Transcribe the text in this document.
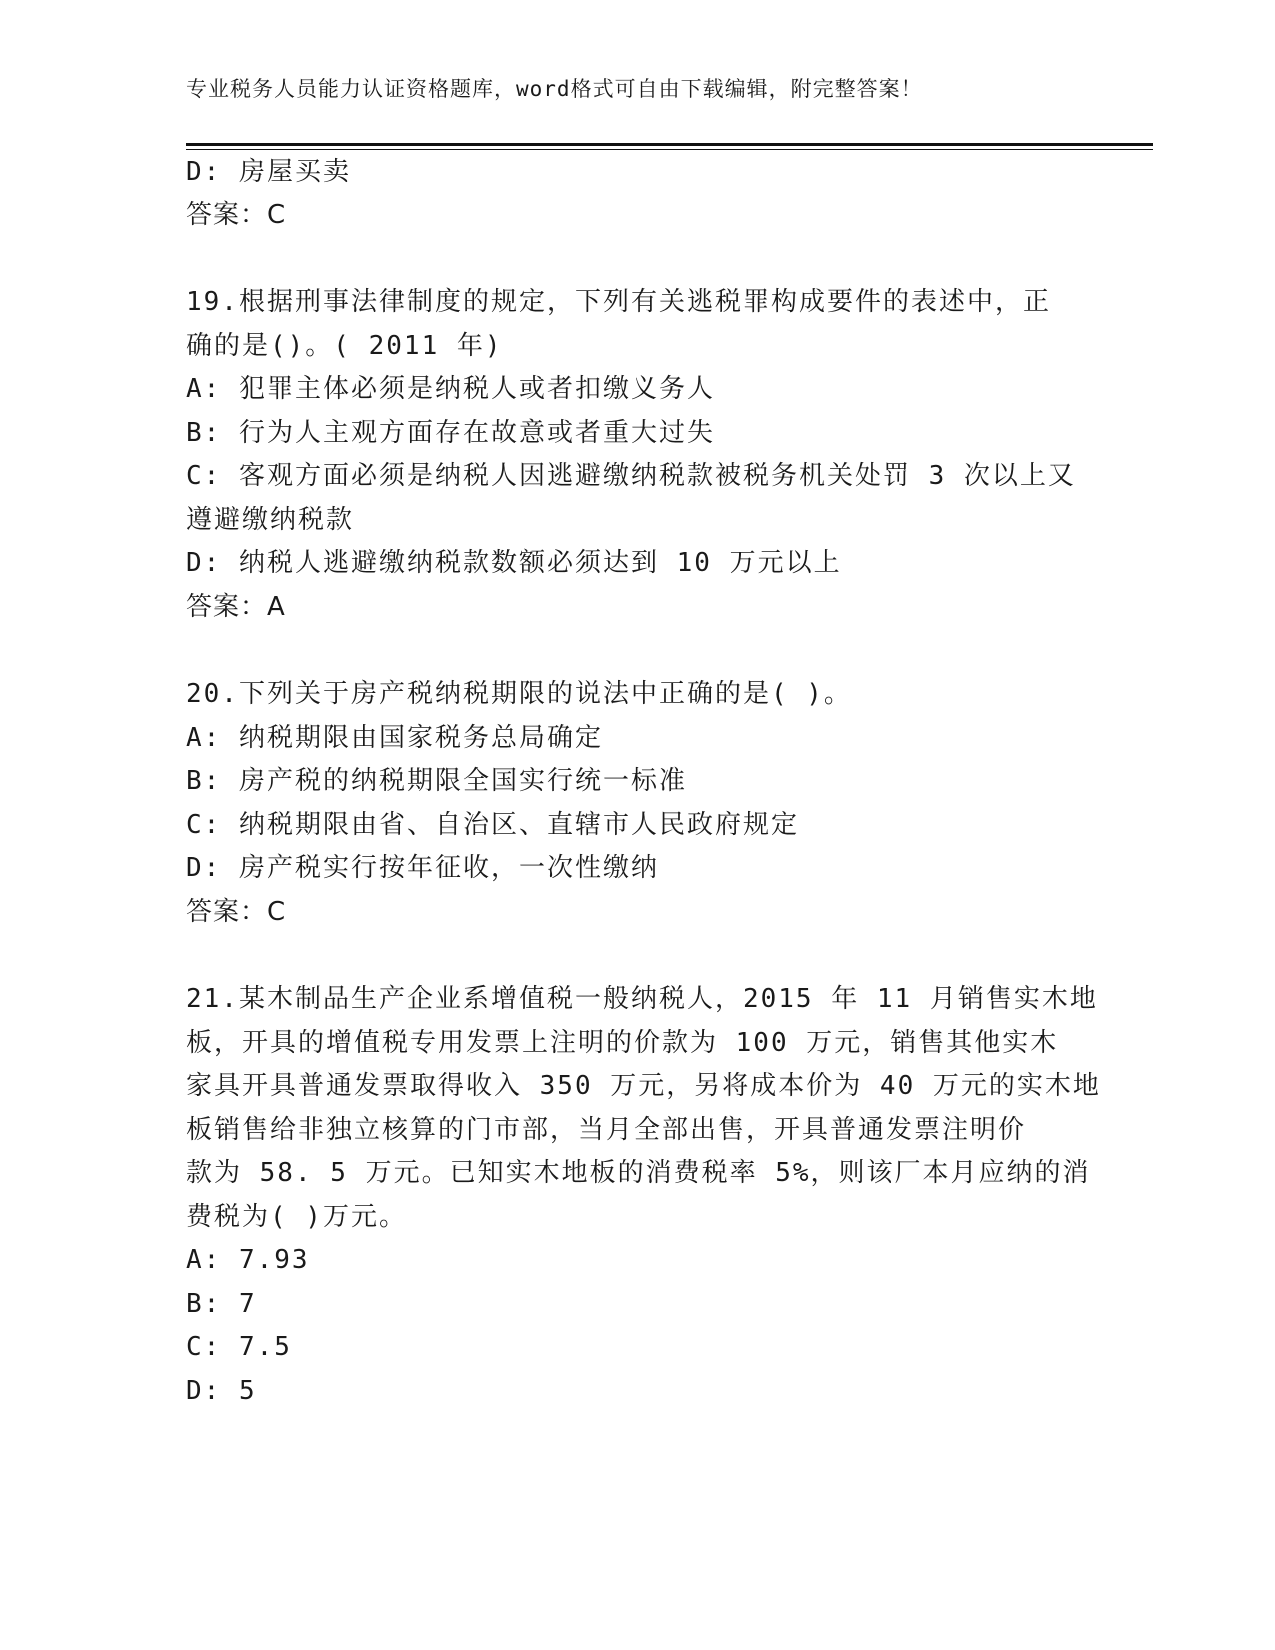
专业税务人员能力认证资格题库，word格式可自由下载编辑，附完整答案！
D: 房屋买卖
答案：C
19.根据刑事法律制度的规定，下列有关逃税罪构成要件的表述中，正
确的是()。( 2011 年)
A: 犯罪主体必须是纳税人或者扣缴义务人
B: 行为人主观方面存在故意或者重大过失
C: 客观方面必须是纳税人因逃避缴纳税款被税务机关处罚 3 次以上又
遵避缴纳税款
D: 纳税人逃避缴纳税款数额必须达到 10 万元以上
答案：A
20.下列关于房产税纳税期限的说法中正确的是( )。
A: 纳税期限由国家税务总局确定
B: 房产税的纳税期限全国实行统一标准
C: 纳税期限由省、自治区、直辖市人民政府规定
D: 房产税实行按年征收，一次性缴纳
答案：C
21.某木制品生产企业系增值税一般纳税人，2015 年 11 月销售实木地
板，开具的增值税专用发票上注明的价款为 100 万元，销售其他实木
家具开具普通发票取得收入 350 万元，另将成本价为 40 万元的实木地
板销售给非独立核算的门市部，当月全部出售，开具普通发票注明价
款为 58. 5 万元。已知实木地板的消费税率 5%，则该厂本月应纳的消
费税为( )万元。
A: 7.93
B: 7
C: 7.5
D: 5
